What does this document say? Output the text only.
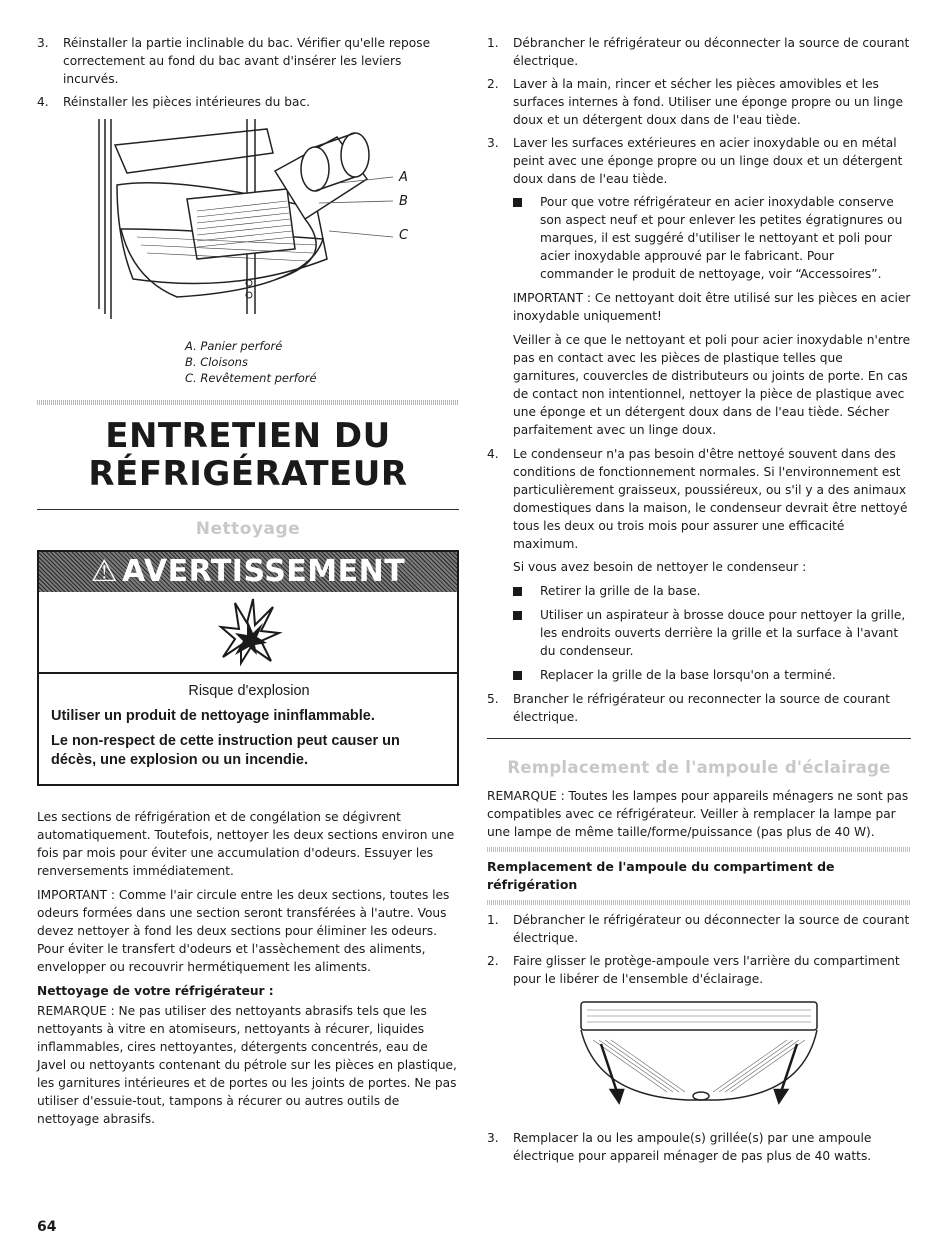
3.	Réinstaller la partie inclinable du bac. Vérifier qu'elle repose correctement au fond du bac avant d'insérer les leviers incurvés.
4.	Réinstaller les pièces intérieures du bac.
A
B
C
A. Panier perforé
B. Cloisons
C. Revêtement perforé
ENTRETIEN DU
RÉFRIGÉRATEUR
Nettoyage
⚠ AVERTISSEMENT
Risque d'explosion
Utiliser un produit de nettoyage ininflammable.
Le non-respect de cette instruction peut causer un décès, une explosion ou un incendie.

Les sections de réfrigération et de congélation se dégivrent automatiquement. Toutefois, nettoyer les deux sections environ une fois par mois pour éviter une accumulation d'odeurs. Essuyer les renversements immédiatement.

IMPORTANT : Comme l'air circule entre les deux sections, toutes les odeurs formées dans une section seront transférées à l'autre. Vous devez nettoyer à fond les deux sections pour éliminer les odeurs. Pour éviter le transfert d'odeurs et l'assèchement des aliments, envelopper ou recouvrir hermétiquement les aliments.

Nettoyage de votre réfrigérateur :

REMARQUE : Ne pas utiliser des nettoyants abrasifs tels que les nettoyants à vitre en atomiseurs, nettoyants à récurer, liquides inflammables, cires nettoyantes, détergents concentrés, eau de Javel ou nettoyants contenant du pétrole sur les pièces en plastique, les garnitures intérieures et de portes ou les joints de portes. Ne pas utiliser d'essuie-tout, tampons à récurer ou autres outils de nettoyage abrasifs.

1.	Débrancher le réfrigérateur ou déconnecter la source de courant électrique.
2.	Laver à la main, rincer et sécher les pièces amovibles et les surfaces internes à fond. Utiliser une éponge propre ou un linge doux et un détergent doux dans de l'eau tiède.
3.	Laver les surfaces extérieures en acier inoxydable ou en métal peint avec une éponge propre ou un linge doux et un détergent doux dans de l'eau tiède.
Pour que votre réfrigérateur en acier inoxydable conserve son aspect neuf et pour enlever les petites égratignures ou marques, il est suggéré d'utiliser le nettoyant et poli pour acier inoxydable approuvé par le fabricant. Pour commander le produit de nettoyage, voir “Accessoires”.

IMPORTANT : Ce nettoyant doit être utilisé sur les pièces en acier inoxydable uniquement!

Veiller à ce que le nettoyant et poli pour acier inoxydable n'entre pas en contact avec les pièces de plastique telles que garnitures, couvercles de distributeurs ou joints de porte. En cas de contact non intentionnel, nettoyer la pièce de plastique avec une éponge et un détergent doux dans de l'eau tiède. Sécher parfaitement avec un linge doux.

4.	Le condenseur n'a pas besoin d'être nettoyé souvent dans des conditions de fonctionnement normales. Si l'environnement est particulièrement graisseux, poussiéreux, ou s'il y a des animaux domestiques dans la maison, le condenseur devrait être nettoyé tous les deux ou trois mois pour assurer une efficacité maximum.

Si vous avez besoin de nettoyer le condenseur :

Retirer la grille de la base.
Utiliser un aspirateur à brosse douce pour nettoyer la grille, les endroits ouverts derrière la grille et la surface à l'avant du condenseur.
Replacer la grille de la base lorsqu'on a terminé.
5.	Brancher le réfrigérateur ou reconnecter la source de courant électrique.
Remplacement de l'ampoule d'éclairage

REMARQUE : Toutes les lampes pour appareils ménagers ne sont pas compatibles avec ce réfrigérateur. Veiller à remplacer la lampe par une lampe de même taille/forme/puissance (pas plus de 40 W).

Remplacement de l'ampoule du compartiment de réfrigération
1.	Débrancher le réfrigérateur ou déconnecter la source de courant électrique.
2.	Faire glisser le protège-ampoule vers l'arrière du compartiment pour le libérer de l'ensemble d'éclairage.
3.	Remplacer la ou les ampoule(s) grillée(s) par une ampoule électrique pour appareil ménager de pas plus de 40 watts.
64
